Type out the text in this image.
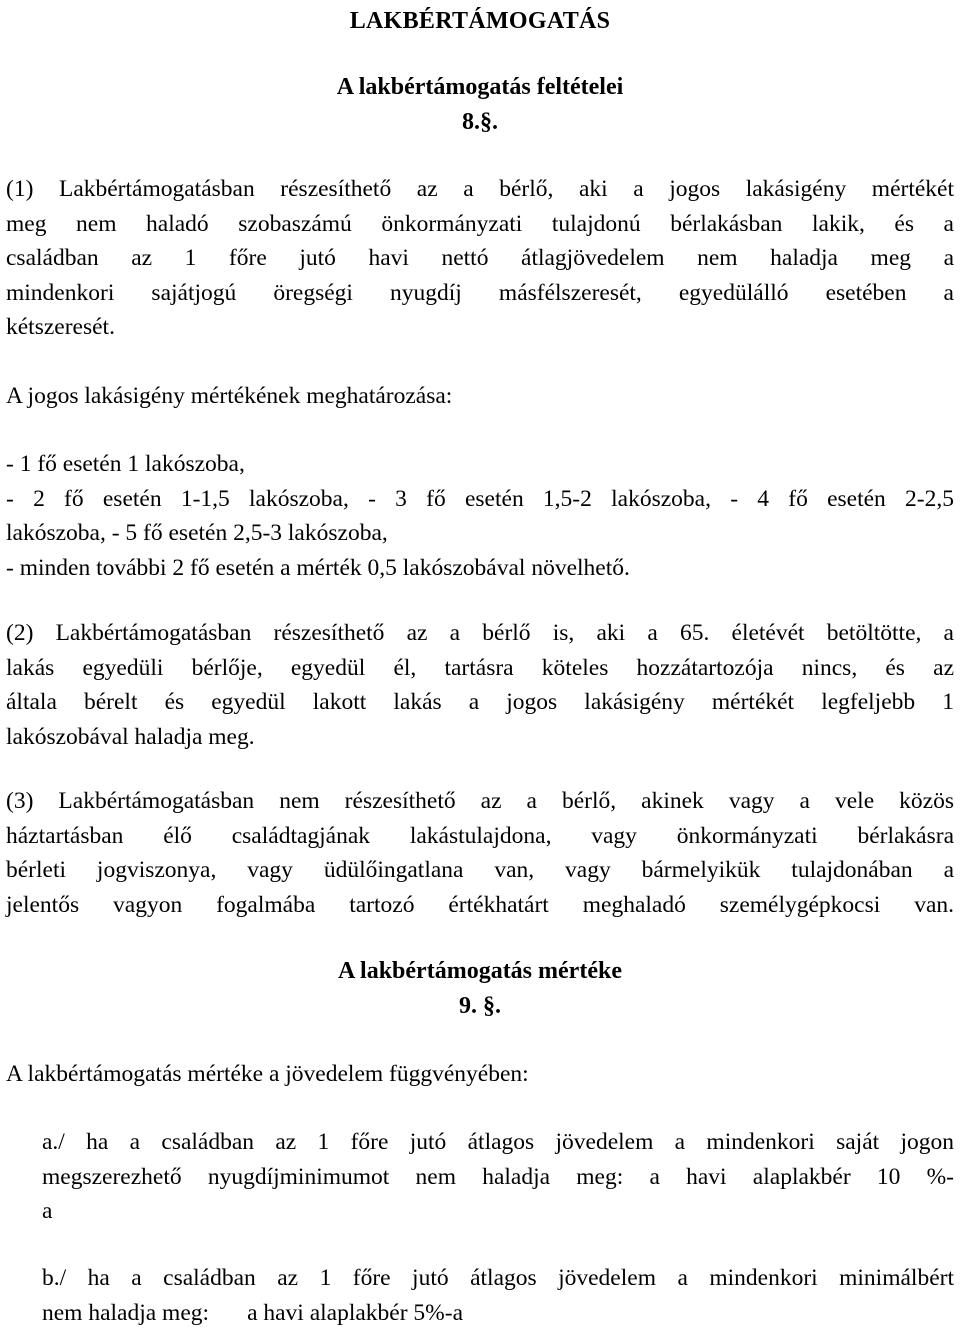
LAKBÉRTÁMOGATÁS
A lakbértámogatás feltételei
8.§.
(1) Lakbértámogatásban részesíthető az a bérlő, aki a jogos lakásigény mértékét
meg nem haladó szobaszámú önkormányzati tulajdonú bérlakásban lakik, és a
családban az 1 főre jutó havi nettó átlagjövedelem nem haladja meg a
mindenkori sajátjogú öregségi nyugdíj másfélszeresét, egyedülálló esetében a
kétszeresét.
A jogos lakásigény mértékének meghatározása:
- 1 fő esetén 1 lakószoba,
- 2 fő esetén 1-1,5 lakószoba, - 3 fő esetén 1,5-2 lakószoba, - 4 fő esetén 2-2,5
lakószoba, - 5 fő esetén 2,5-3 lakószoba,
- minden további 2 fő esetén a mérték 0,5 lakószobával növelhető.
(2) Lakbértámogatásban részesíthető az a bérlő is, aki a 65. életévét betöltötte, a
lakás egyedüli bérlője, egyedül él, tartásra köteles hozzátartozója nincs, és az
általa bérelt és egyedül lakott lakás a jogos lakásigény mértékét legfeljebb 1
lakószobával haladja meg.
(3) Lakbértámogatásban nem részesíthető az a bérlő, akinek vagy a vele közös
háztartásban élő családtagjának lakástulajdona, vagy önkormányzati bérlakásra
bérleti jogviszonya, vagy üdülőingatlana van, vagy bármelyikük tulajdonában a
jelentős vagyon fogalmába tartozó értékhatárt meghaladó személygépkocsi van.
A lakbértámogatás mértéke
9. §.
A lakbértámogatás mértéke a jövedelem függvényében:
a./ ha a családban az 1 főre jutó átlagos jövedelem a mindenkori saját jogon
megszerezhető nyugdíjminimumot nem haladja meg: a havi alaplakbér 10 %-
a
b./ ha a családban az 1 főre jutó átlagos jövedelem a mindenkori minimálbért
nem haladja meg: a havi alaplakbér 5%-a
